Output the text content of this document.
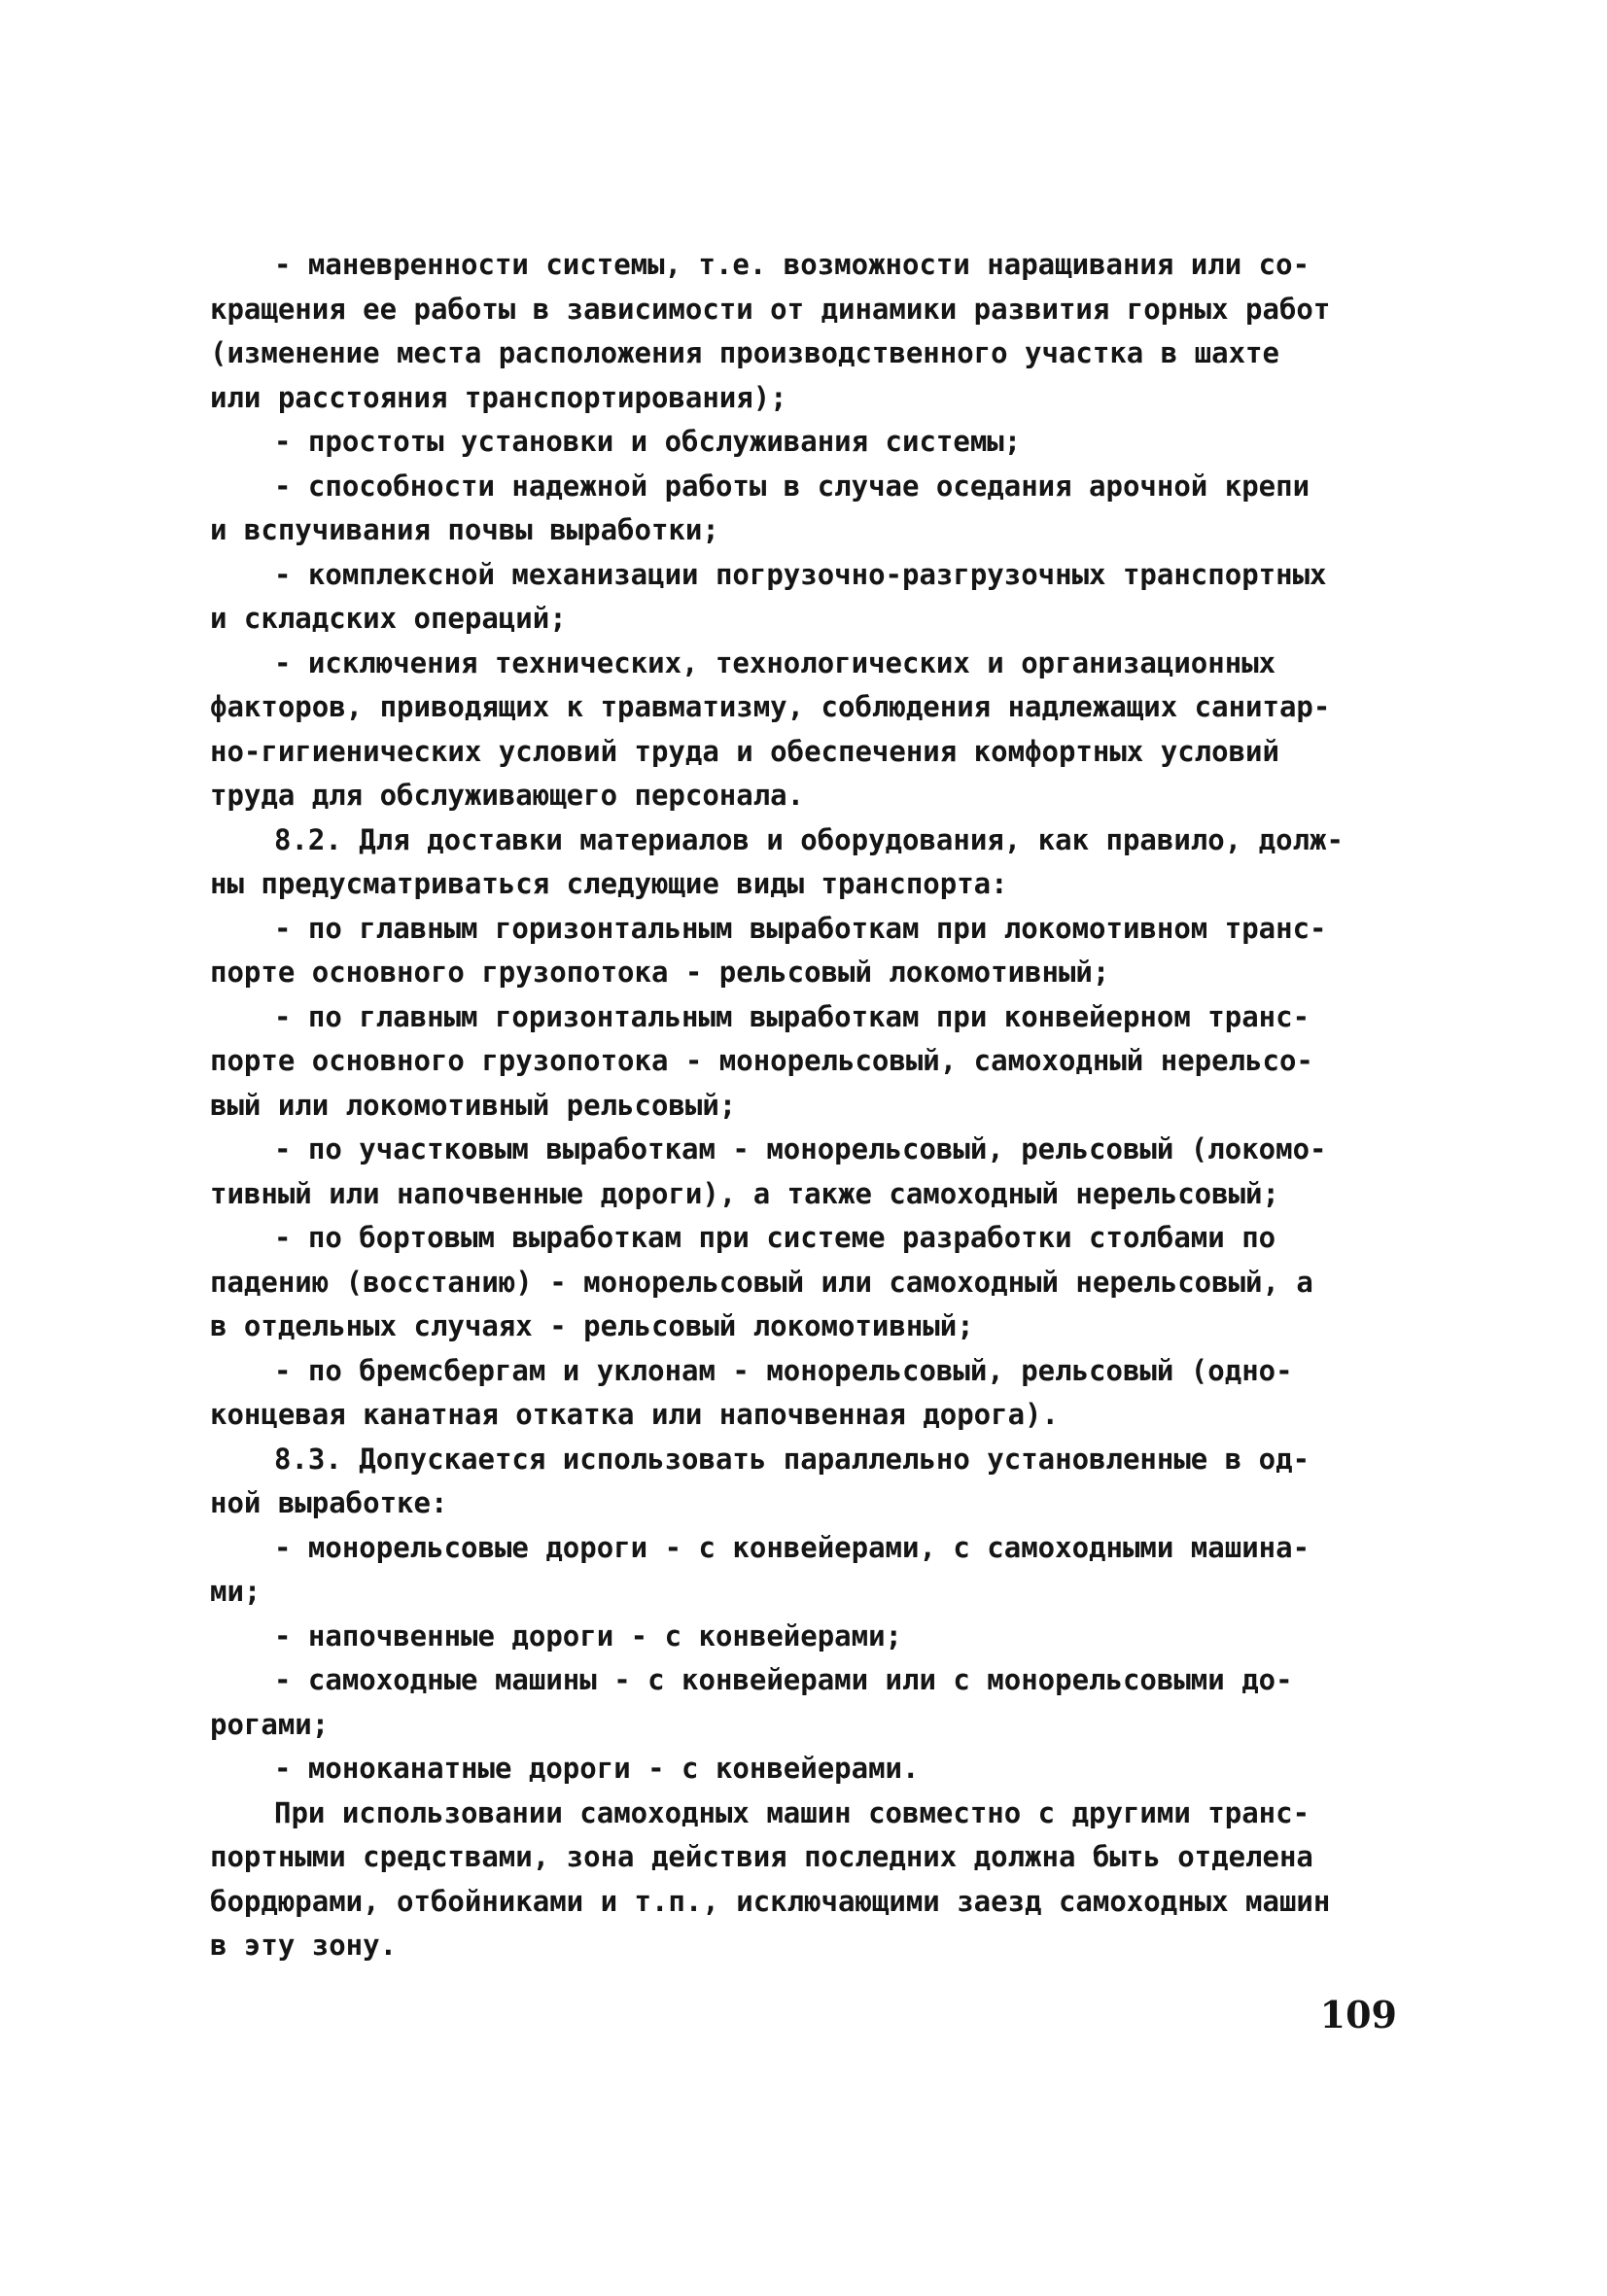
- маневренности системы, т.е. возможности наращивания или со-
кращения ее работы в зависимости от динамики развития горных работ
(изменение места расположения производственного участка в шахте
или расстояния транспортирования);
- простоты установки и обслуживания системы;
- способности надежной работы в случае оседания арочной крепи
и вспучивания почвы выработки;
- комплексной механизации погрузочно-разгрузочных транспортных
и складских операций;
- исключения технических, технологических и организационных
факторов, приводящих к травматизму, соблюдения надлежащих санитар-
но-гигиенических условий труда и обеспечения комфортных условий
труда для обслуживающего персонала.
8.2. Для доставки материалов и оборудования, как правило, долж-
ны предусматриваться следующие виды транспорта:
- по главным горизонтальным выработкам при локомотивном транс-
порте основного грузопотока - рельсовый локомотивный;
- по главным горизонтальным выработкам при конвейерном транс-
порте основного грузопотока - монорельсовый, самоходный нерельсо-
вый или локомотивный рельсовый;
- по участковым выработкам - монорельсовый, рельсовый (локомо-
тивный или напочвенные дороги), а также самоходный нерельсовый;
- по бортовым выработкам при системе разработки столбами по
падению (восстанию) - монорельсовый или самоходный нерельсовый, а
в отдельных случаях - рельсовый локомотивный;
- по бремсбергам и уклонам - монорельсовый, рельсовый (одно-
концевая канатная откатка или напочвенная дорога).
8.3. Допускается использовать параллельно установленные в од-
ной выработке:
- монорельсовые дороги - с конвейерами, с самоходными машина-
ми;
- напочвенные дороги - с конвейерами;
- самоходные машины - с конвейерами или с монорельсовыми до-
рогами;
- моноканатные дороги - с конвейерами.
При использовании самоходных машин совместно с другими транс-
портными средствами, зона действия последних должна быть отделена
бордюрами, отбойниками и т.п., исключающими заезд самоходных машин
в эту зону.
109
